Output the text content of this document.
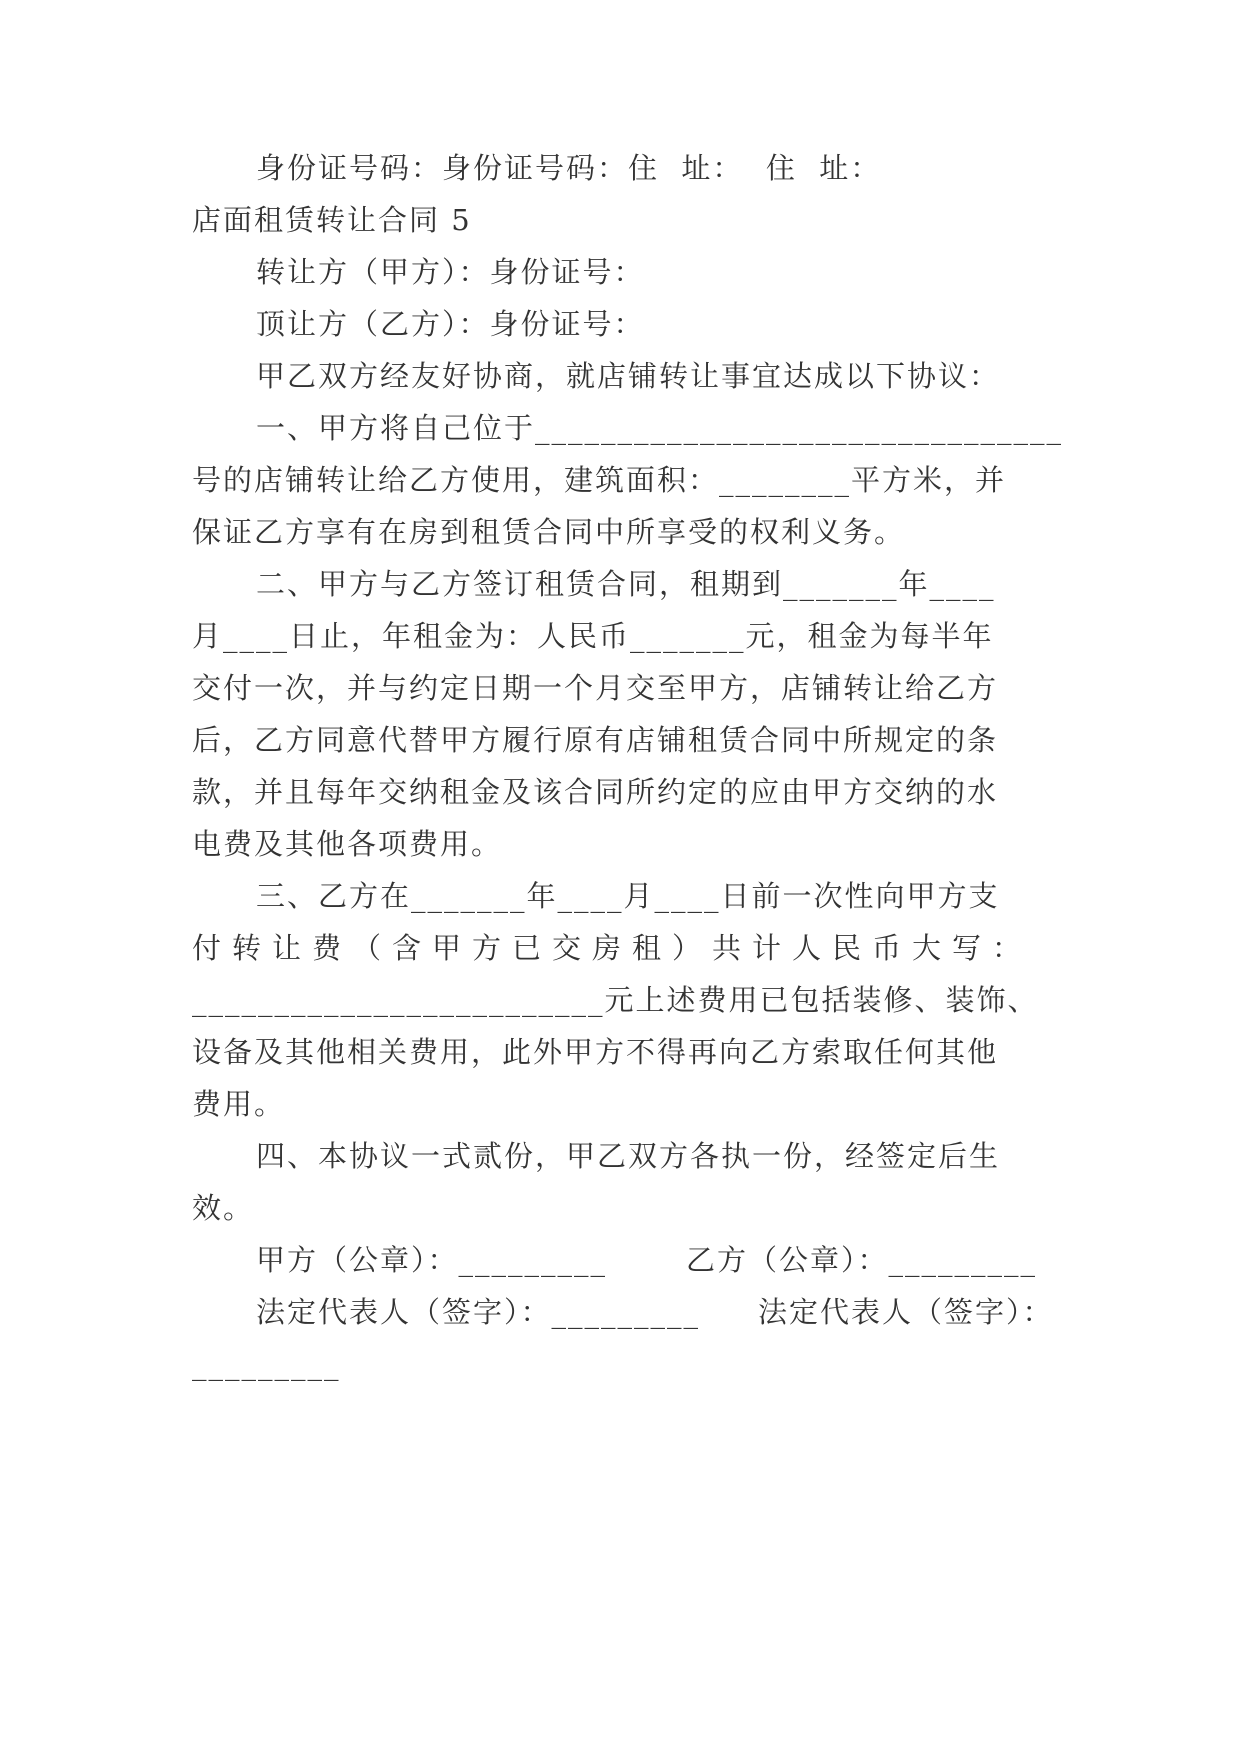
身份证号码：身份证号码：住  址：  住  址：
店面租赁转让合同 5
转让方（甲方）：身份证号：
顶让方（乙方）：身份证号：
甲乙双方经友好协商，就店铺转让事宜达成以下协议：
一、甲方将自己位于________________________________
号的店铺转让给乙方使用，建筑面积：________平方米，并
保证乙方享有在房到租赁合同中所享受的权利义务。
二、甲方与乙方签订租赁合同，租期到_______年____
月____日止，年租金为：人民币_______元，租金为每半年
交付一次，并与约定日期一个月交至甲方，店铺转让给乙方
后，乙方同意代替甲方履行原有店铺租赁合同中所规定的条
款，并且每年交纳租金及该合同所约定的应由甲方交纳的水
电费及其他各项费用。
三、乙方在_______年____月____日前一次性向甲方支
付转让费（含甲方已交房租）共计人民币大写：
_________________________元上述费用已包括装修、装饰、
设备及其他相关费用，此外甲方不得再向乙方索取任何其他
费用。
四、本协议一式贰份，甲乙双方各执一份，经签定后生
效。
甲方（公章）：_________	乙方（公章）：_________
法定代表人（签字）：_________ 法定代表人（签字）：
_________
